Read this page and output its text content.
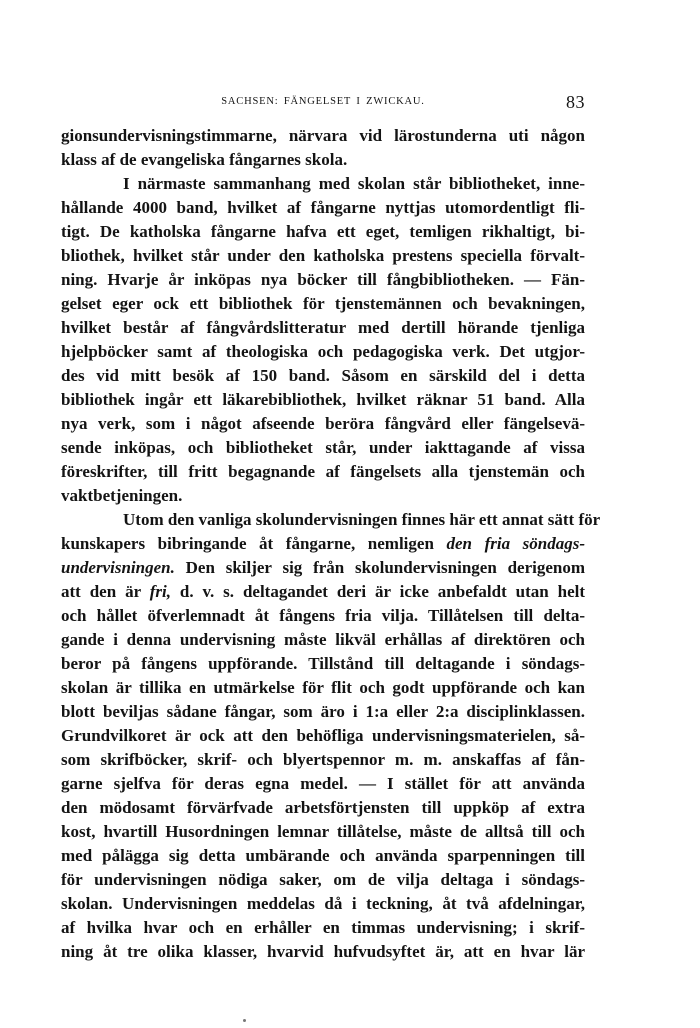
SACHSEN: FÄNGELSET I ZWICKAU.	83
gionsundervisningstimmarne, närvara vid lärostunderna uti någon
klass af de evangeliska fångarnes skola.
I närmaste sammanhang med skolan står bibliotheket, inne-
hållande 4000 band, hvilket af fångarne nyttjas utomordentligt fli-
tigt. De katholska fångarne hafva ett eget, temligen rikhaltigt, bi-
bliothek, hvilket står under den katholska prestens speciella förvalt-
ning. Hvarje år inköpas nya böcker till fångbibliotheken. — Fän-
gelset eger ock ett bibliothek för tjenstemännen och bevakningen,
hvilket består af fångvårdslitteratur med dertill hörande tjenliga
hjelpböcker samt af theologiska och pedagogiska verk. Det utgjor-
des vid mitt besök af 150 band. Såsom en särskild del i detta
bibliothek ingår ett läkarebibliothek, hvilket räknar 51 band. Alla
nya verk, som i något afseende beröra fångvård eller fängelsevä-
sende inköpas, och bibliotheket står, under iakttagande af vissa
föreskrifter, till fritt begagnande af fängelsets alla tjenstemän och
vaktbetjeningen.
Utom den vanliga skolundervisningen finnes här ett annat sätt för
kunskapers bibringande åt fångarne, nemligen den fria söndags-
undervisningen. Den skiljer sig från skolundervisningen derigenom
att den är fri, d. v. s. deltagandet deri är icke anbefaldt utan helt
och hållet öfverlemnadt åt fångens fria vilja. Tillåtelsen till delta-
gande i denna undervisning måste likväl erhållas af direktören och
beror på fångens uppförande. Tillstånd till deltagande i söndags-
skolan är tillika en utmärkelse för flit och godt uppförande och kan
blott beviljas sådane fångar, som äro i 1:a eller 2:a disciplinklassen.
Grundvilkoret är ock att den behöfliga undervisningsmaterielen, så-
som skrifböcker, skrif- och blyertspennor m. m. anskaffas af fån-
garne sjelfva för deras egna medel. — I stället för att använda
den mödosamt förvärfvade arbetsförtjensten till uppköp af extra
kost, hvartill Husordningen lemnar tillåtelse, måste de alltså till och
med pålägga sig detta umbärande och använda sparpenningen till
för undervisningen nödiga saker, om de vilja deltaga i söndags-
skolan. Undervisningen meddelas då i teckning, åt två afdelningar,
af hvilka hvar och en erhåller en timmas undervisning; i skrif-
ning åt tre olika klasser, hvarvid hufvudsyftet är, att en hvar lär
